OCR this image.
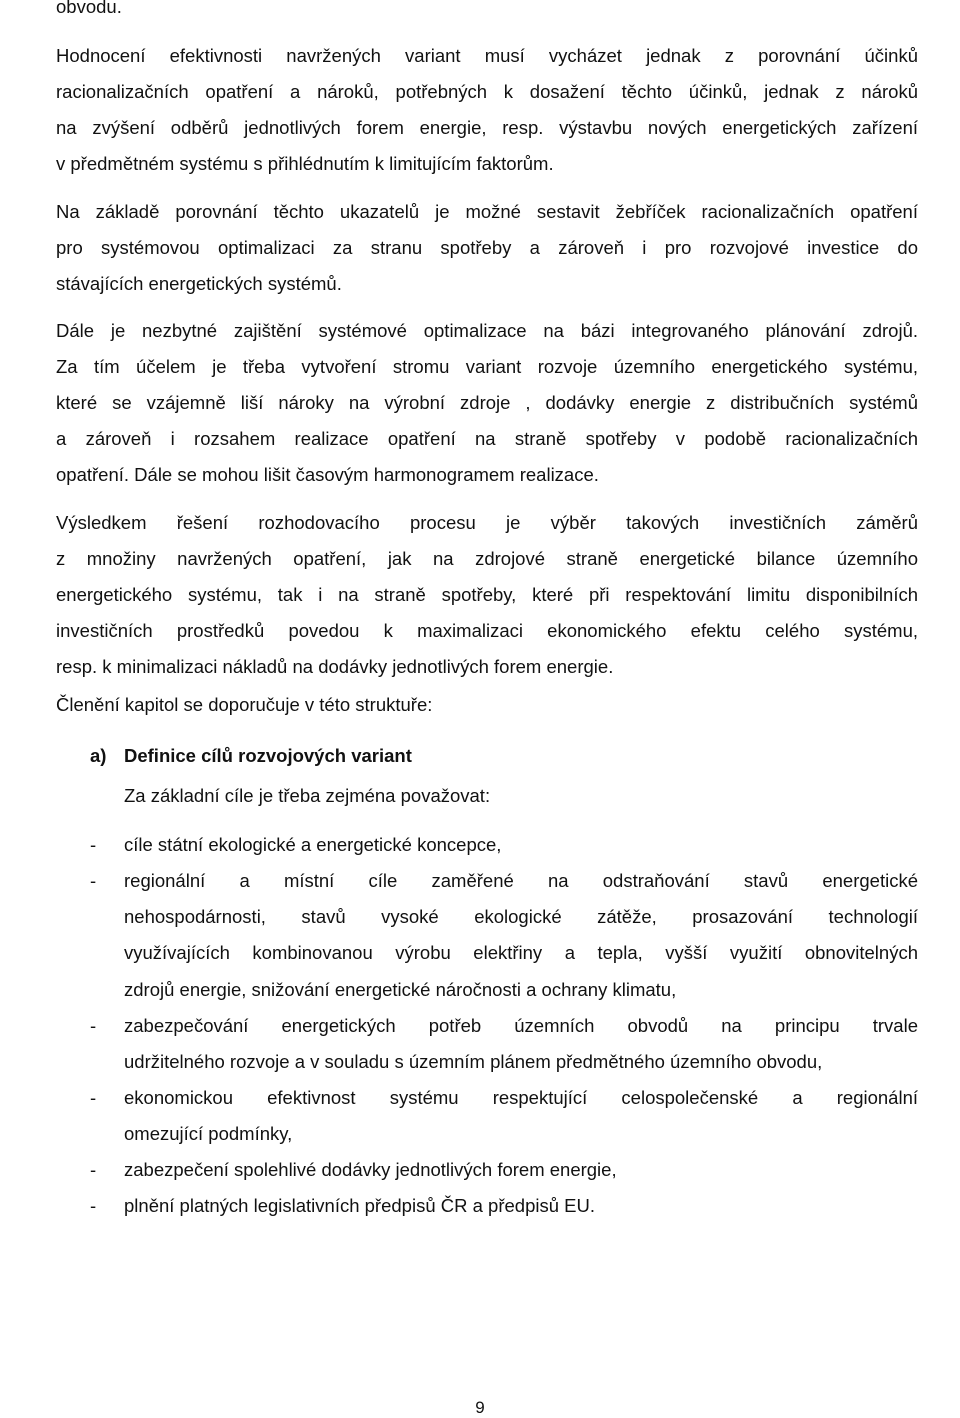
obvodu.
Hodnocení efektivnosti navržených variant musí vycházet jednak z porovnání účinků
racionalizačních opatření a nároků, potřebných k dosažení těchto účinků, jednak z nároků
na zvýšení odběrů jednotlivých forem energie, resp. výstavbu nových energetických zařízení
v předmětném systému s přihlédnutím k limitujícím faktorům.
Na základě porovnání těchto ukazatelů je možné sestavit žebříček racionalizačních opatření
pro systémovou optimalizaci za stranu spotřeby a zároveň i pro rozvojové investice do
stávajících energetických systémů.
Dále je nezbytné zajištění systémové optimalizace na bázi integrovaného plánování zdrojů.
Za tím účelem je třeba vytvoření stromu variant rozvoje územního energetického systému,
které se vzájemně liší nároky na výrobní zdroje , dodávky energie z distribučních systémů
a zároveň i rozsahem realizace opatření na straně spotřeby v podobě racionalizačních
opatření. Dále se mohou lišit časovým harmonogramem realizace.
Výsledkem řešení rozhodovacího procesu je výběr takových investičních záměrů
z množiny navržených opatření, jak na zdrojové straně energetické bilance územního
energetického systému, tak i na straně spotřeby, které při respektování limitu disponibilních
investičních prostředků povedou k maximalizaci ekonomického efektu celého systému,
resp. k minimalizaci nákladů na dodávky jednotlivých forem energie.
Členění kapitol se doporučuje v této struktuře:
a) Definice cílů rozvojových variant
Za základní cíle je třeba zejména považovat:
- cíle státní ekologické a energetické koncepce,
- regionální a místní cíle zaměřené na odstraňování stavů energetické
nehospodárnosti, stavů vysoké ekologické zátěže, prosazování technologií
využívajících kombinovanou výrobu elektřiny a tepla, vyšší využití obnovitelných
zdrojů energie, snižování energetické náročnosti a ochrany klimatu,
- zabezpečování energetických potřeb územních obvodů na principu trvale
udržitelného rozvoje a v souladu s územním plánem předmětného územního obvodu,
- ekonomickou efektivnost systému respektující celospolečenské a regionální
omezující podmínky,
- zabezpečení spolehlivé dodávky jednotlivých forem energie,
- plnění platných legislativních předpisů ČR a předpisů EU.
9
